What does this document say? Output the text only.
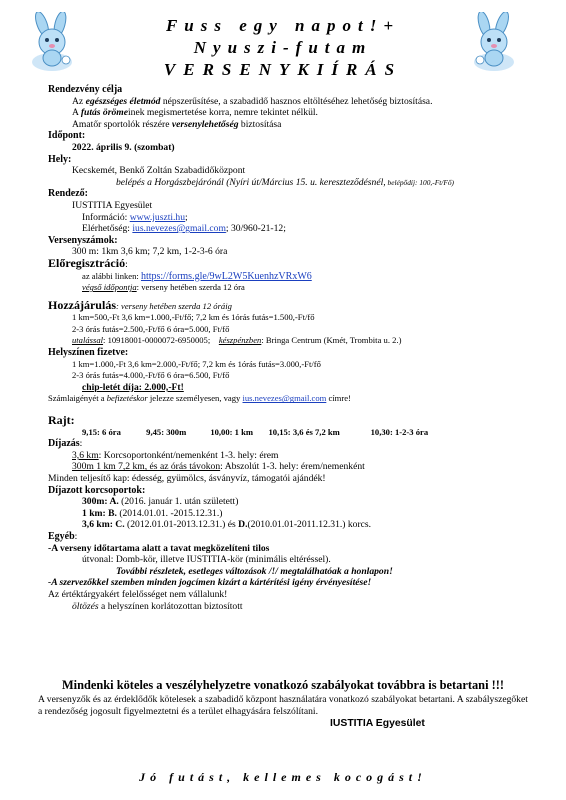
Fuss egy napot!+
Nyuszi-futam
VERSENYKIÍRÁS
Rendezvény célja
Az egészséges életmód népszerűsítése, a szabadidő hasznos eltöltéséhez lehetőség biztosítása.
A futás örömeinek megismertetése korra, nemre tekintet nélkül.
Amatőr sportolók részére versenylehetőség biztosítása
Időpont:
2022. április 9. (szombat)
Hely:
Kecskemét, Benkő Zoltán Szabadidőközpont
belépés a Horgászbejárónál (Nyíri út/Március 15. u. kereszteződésnél, belépődíj: 100,-Ft/Fő)
Rendező:
IUSTITIA Egyesület
Információ: www.juszti.hu;
Elérhetőség: ius.nevezes@gmail.com; 30/960-21-12;
Versenyszámok:
300 m: 1km 3,6 km; 7,2 km, 1-2-3-6 óra
Előregisztráció:
az alábbi linken: https://forms.gle/9wL2W5KuenhzVRxW6
végső időpontja: verseny hetében szerda 12 óra
Hozzájárulás: verseny hetében szerda 12 óráig
1 km=500,-Ft 3,6 km=1.000,-Ft/fő; 7,2 km és 1órás futás=1.500,-Ft/fő
2-3 órás futás=2.500,-Ft/fő 6 óra=5.000, Ft/fő
utalással: 10918001-0000072-6950005; készpénzben: Bringa Centrum (Kmét, Trombita u. 2.)
Helyszínen fizetve:
1 km=1.000,-Ft 3,6 km=2.000,-Ft/fő; 7,2 km és 1órás futás=3.000,-Ft/fő
2-3 órás futás=4.000,-Ft/fő 6 óra=6.500, Ft/fő
chip-letét díja: 2.000,-Ft!
Számlaigényét a befizetéskor jelezze személyesen, vagy ius.nevezes@gmail.com címre!
Rajt:
9,15: 6 óra	9,45: 300m	10,00: 1 km 10,15: 3,6 és 7,2 km	10,30: 1-2-3 óra
Díjazás:
3,6 km: Korcsoportonként/nemenként 1-3. hely: érem
300m 1 km 7,2 km, és az órás távokon: Abszolút 1-3. hely: érem/nemenként
Minden teljesítő kap: édesség, gyümölcs, ásványvíz, támogatói ajándék!
Díjazott korcsoportok:
300m: A. (2016. január 1. után született)
1 km: B. (2014.01.01. -2015.12.31.)
3,6 km: C. (2012.01.01-2013.12.31.) és D.(2010.01.01-2011.12.31.) korcs.
Egyéb:
-A verseny időtartama alatt a tavat megközelíteni tilos
útvonal: Domb-kör, illetve IUSTITIA-kör (minimális eltéréssel).
További részletek, esetleges változások /!/ megtalálhatóak a honlapon!
-A szervezőkkel szemben minden jogcímen kizárt a kártérítési igény érvényesítése!
Az értéktárgyakért felelősséget nem vállalunk!
öltözés a helyszínen korlátozottan biztosított
Mindenki köteles a veszélyhelyzetre vonatkozó szabályokat továbbra is betartani !!!
A versenyzők és az érdeklődők kötelesek a szabadidő központ használatára vonatkozó szabályokat betartani. A szabályszegőket a rendezőség jogosult figyelmeztetni és a terület elhagyására felszólítani.
IUSTITIA Egyesület
Jó futást, kellemes kocogást!
